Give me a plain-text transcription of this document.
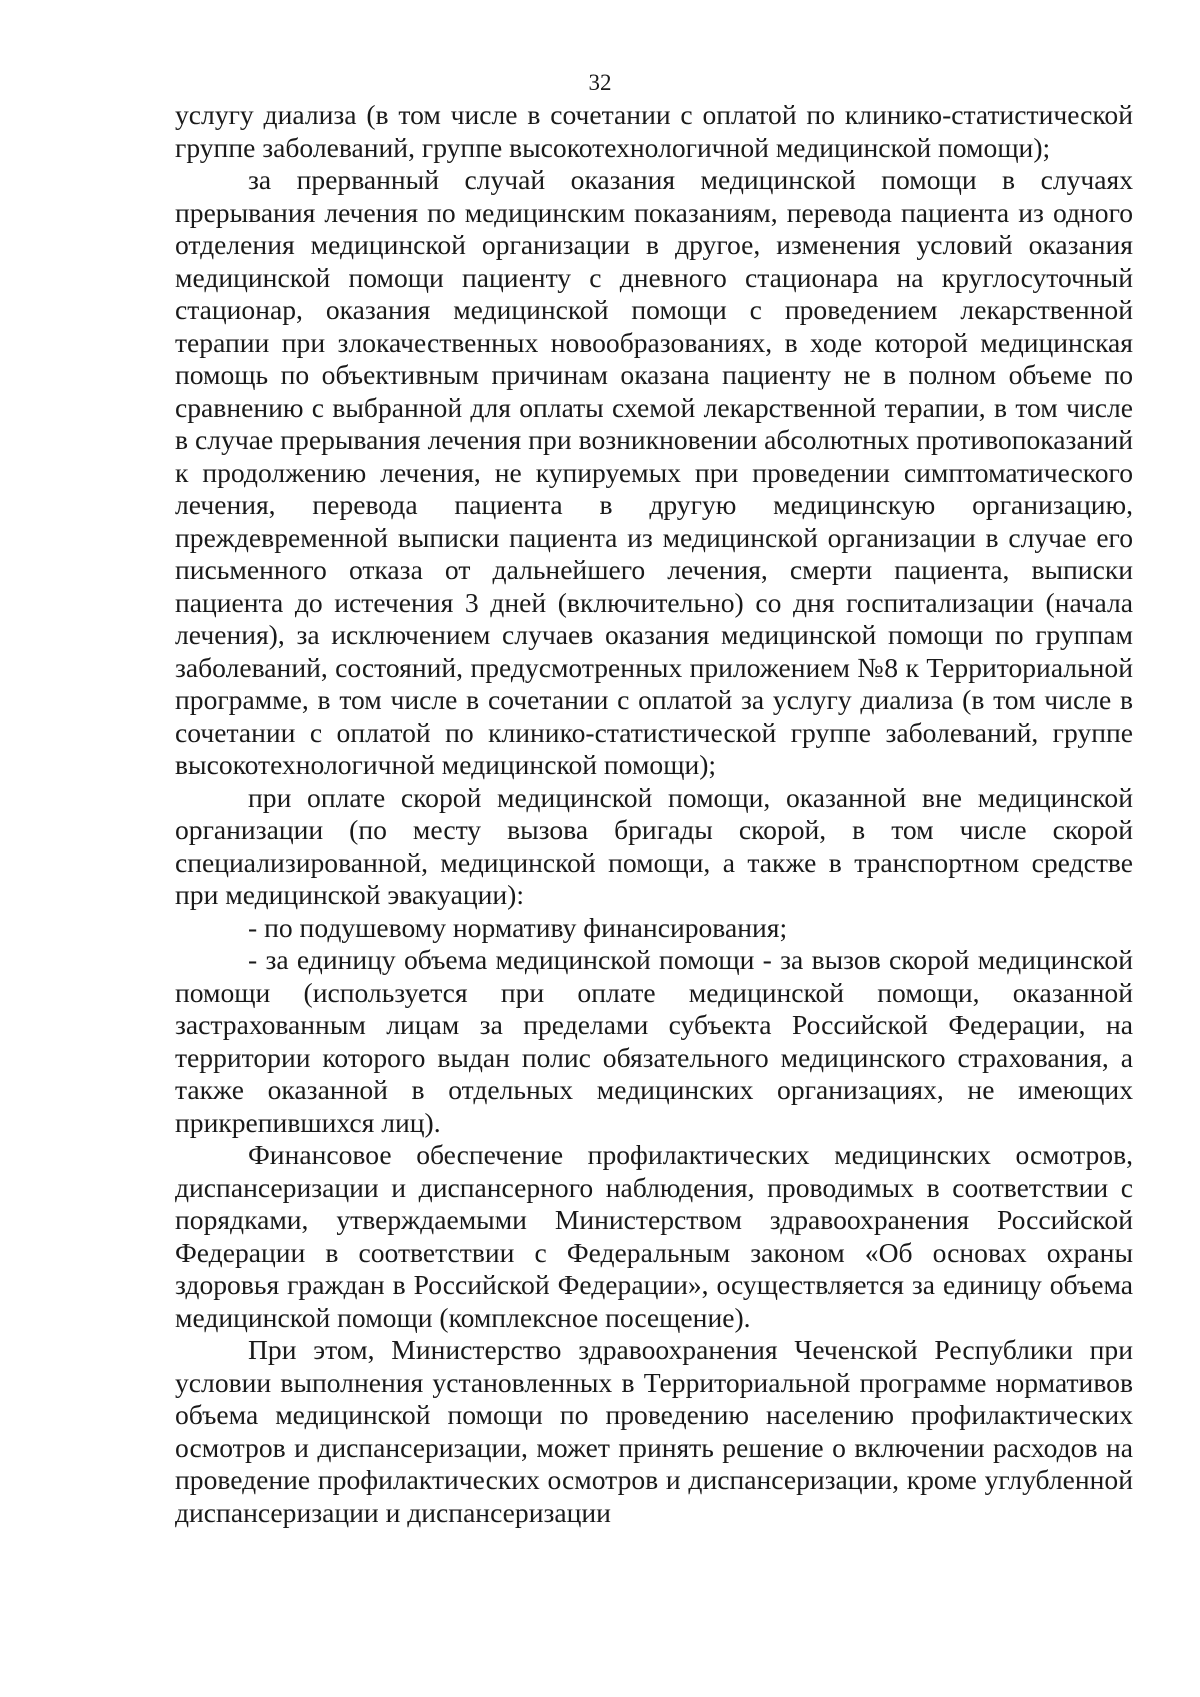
32

услугу диализа (в том числе в сочетании с оплатой по клинико-статистической группе заболеваний, группе высокотехнологичной медицинской помощи);

за прерванный случай оказания медицинской помощи в случаях прерывания лечения по медицинским показаниям, перевода пациента из одного отделения медицинской организации в другое, изменения условий оказания медицинской помощи пациенту с дневного стационара на круглосуточный стационар, оказания медицинской помощи с проведением лекарственной терапии при злокачественных новообразованиях, в ходе которой медицинская помощь по объективным причинам оказана пациенту не в полном объеме по сравнению с выбранной для оплаты схемой лекарственной терапии, в том числе в случае прерывания лечения при возникновении абсолютных противопоказаний к продолжению лечения, не купируемых при проведении симптоматического лечения, перевода пациента в другую медицинскую организацию, преждевременной выписки пациента из медицинской организации в случае его письменного отказа от дальнейшего лечения, смерти пациента, выписки пациента до истечения 3 дней (включительно) со дня госпитализации (начала лечения), за исключением случаев оказания медицинской помощи по группам заболеваний, состояний, предусмотренных приложением №8 к Территориальной программе, в том числе в сочетании с оплатой за услугу диализа (в том числе в сочетании с оплатой по клинико-статистической группе заболеваний, группе высокотехнологичной медицинской помощи);

при оплате скорой медицинской помощи, оказанной вне медицинской организации (по месту вызова бригады скорой, в том числе скорой специализированной, медицинской помощи, а также в транспортном средстве при медицинской эвакуации):

- по подушевому нормативу финансирования;

- за единицу объема медицинской помощи - за вызов скорой медицинской помощи (используется при оплате медицинской помощи, оказанной застрахованным лицам за пределами субъекта Российской Федерации, на территории которого выдан полис обязательного медицинского страхования, а также оказанной в отдельных медицинских организациях, не имеющих прикрепившихся лиц).

Финансовое обеспечение профилактических медицинских осмотров, диспансеризации и диспансерного наблюдения, проводимых в соответствии с порядками, утверждаемыми Министерством здравоохранения Российской Федерации в соответствии с Федеральным законом «Об основах охраны здоровья граждан в Российской Федерации», осуществляется за единицу объема медицинской помощи (комплексное посещение).

При этом, Министерство здравоохранения Чеченской Республики при условии выполнения установленных в Территориальной программе нормативов объема медицинской помощи по проведению населению профилактических осмотров и диспансеризации, может принять решение о включении расходов на проведение профилактических осмотров и диспансеризации, кроме углубленной диспансеризации и диспансеризации
